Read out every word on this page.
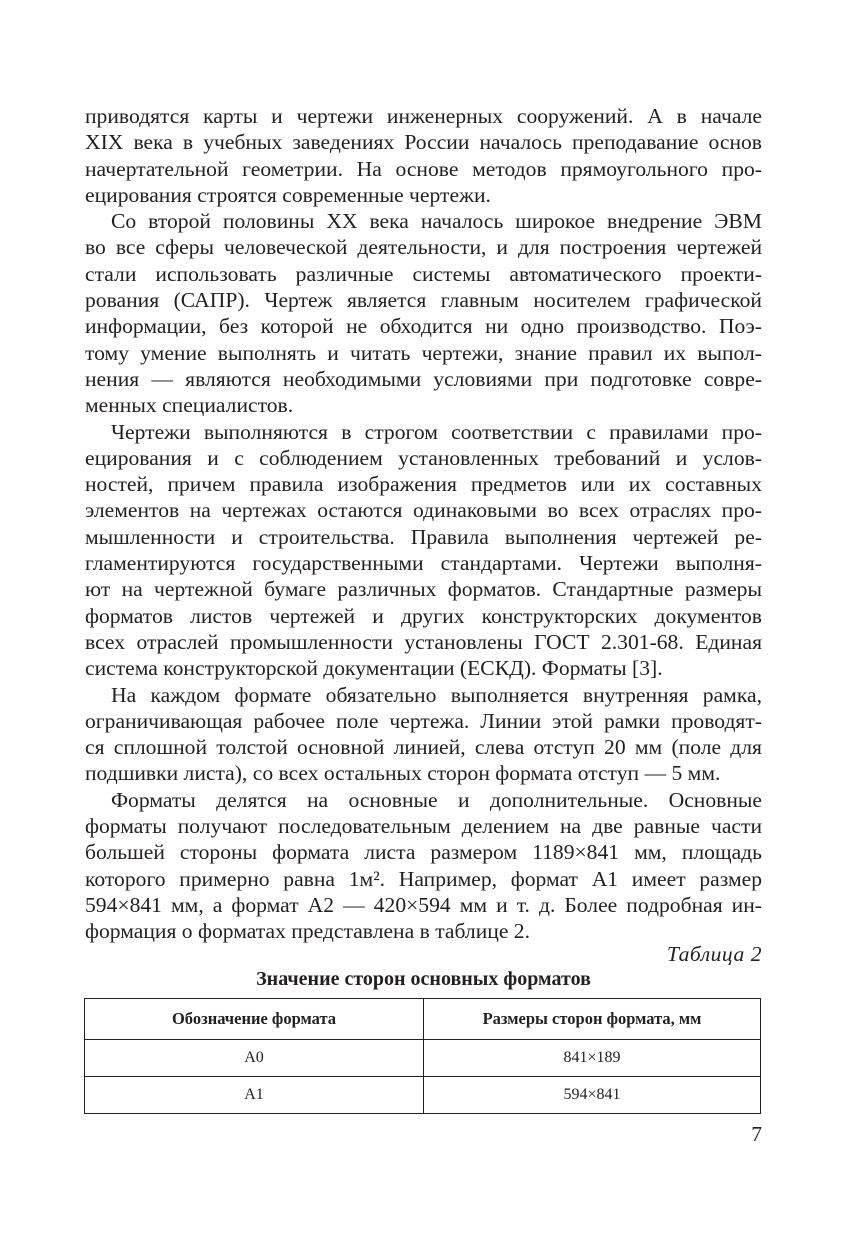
приводятся карты и чертежи инженерных сооружений. А в начале
XIX века в учебных заведениях России началось преподавание основ
начертательной геометрии. На основе методов прямоугольного про-
ецирования строятся современные чертежи.
Со второй половины XX века началось широкое внедрение ЭВМ
во все сферы человеческой деятельности, и для построения чертежей
стали использовать различные системы автоматического проекти-
рования (САПР). Чертеж является главным носителем графической
информации, без которой не обходится ни одно производство. Поэ-
тому умение выполнять и читать чертежи, знание правил их выпол-
нения — являются необходимыми условиями при подготовке совре-
менных специалистов.
Чертежи выполняются в строгом соответствии с правилами про-
ецирования и с соблюдением установленных требований и услов-
ностей, причем правила изображения предметов или их составных
элементов на чертежах остаются одинаковыми во всех отраслях про-
мышленности и строительства. Правила выполнения чертежей ре-
гламентируются государственными стандартами. Чертежи выполня-
ют на чертежной бумаге различных форматов. Стандартные размеры
форматов листов чертежей и других конструкторских документов
всех отраслей промышленности установлены ГОСТ 2.301-68. Единая
система конструкторской документации (ЕСКД). Форматы [3].
На каждом формате обязательно выполняется внутренняя рамка,
ограничивающая рабочее поле чертежа. Линии этой рамки проводят-
ся сплошной толстой основной линией, слева отступ 20 мм (поле для
подшивки листа), со всех остальных сторон формата отступ — 5 мм.
Форматы делятся на основные и дополнительные. Основные
форматы получают последовательным делением на две равные части
большей стороны формата листа размером 1189×841 мм, площадь
которого примерно равна 1м². Например, формат А1 имеет размер
594×841 мм, а формат А2 — 420×594 мм и т. д. Более подробная ин-
формация о форматах представлена в таблице 2.
Таблица 2
Значение сторон основных форматов
Обозначение формата	Размеры сторон формата, мм
А0	841×189
А1	594×841
7
